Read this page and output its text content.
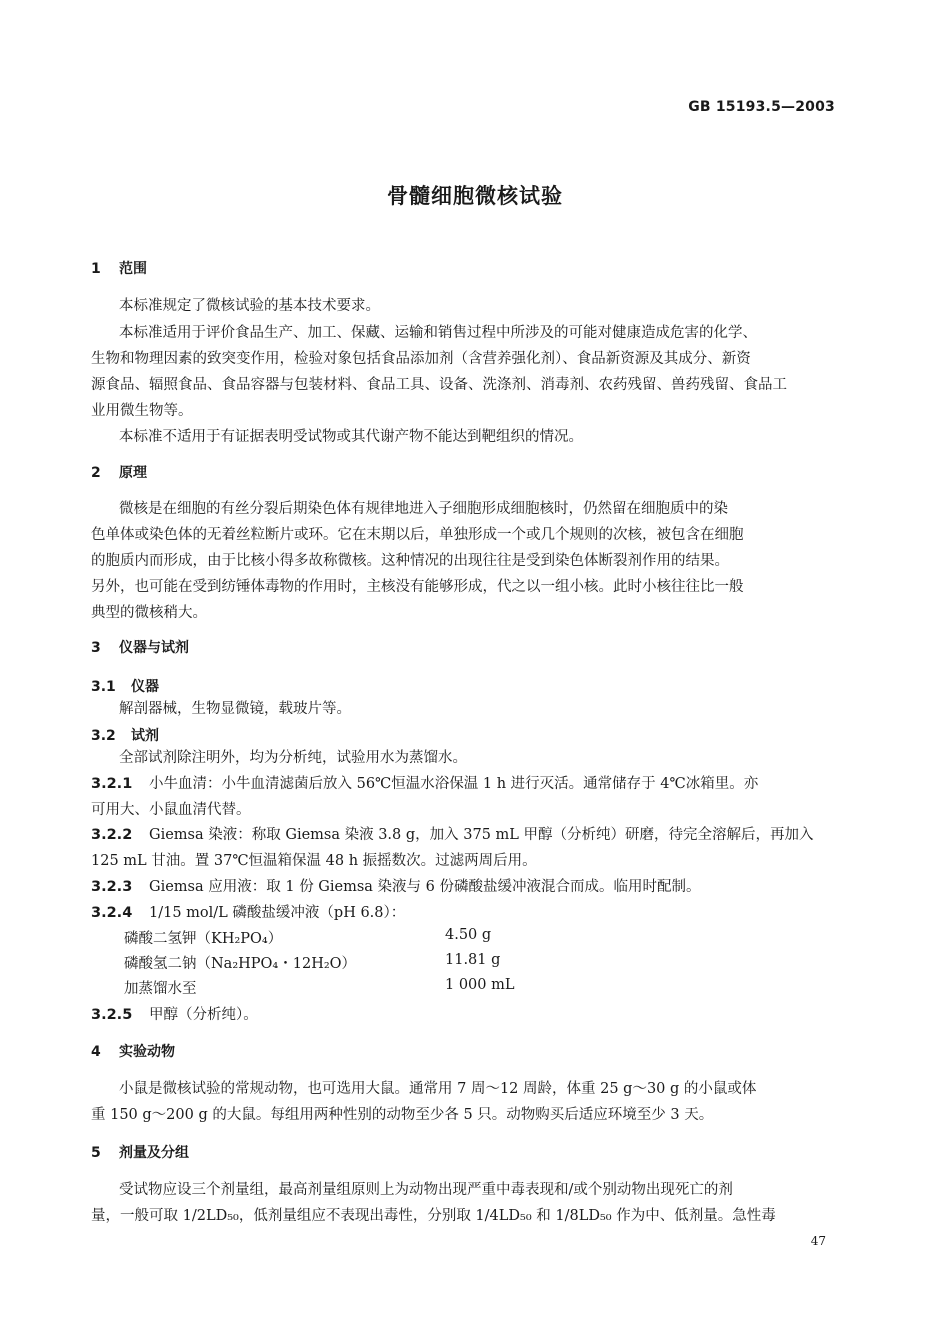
GB 15193.5—2003
骨髓细胞微核试验
1 范围
本标准规定了微核试验的基本技术要求。
本标准适用于评价食品生产、加工、保藏、运输和销售过程中所涉及的可能对健康造成危害的化学、
生物和物理因素的致突变作用，检验对象包括食品添加剂（含营养强化剂）、食品新资源及其成分、新资
源食品、辐照食品、食品容器与包装材料、食品工具、设备、洗涤剂、消毒剂、农药残留、兽药残留、食品工
业用微生物等。
本标准不适用于有证据表明受试物或其代谢产物不能达到靶组织的情况。
2 原理
微核是在细胞的有丝分裂后期染色体有规律地进入子细胞形成细胞核时，仍然留在细胞质中的染
色单体或染色体的无着丝粒断片或环。它在末期以后，单独形成一个或几个规则的次核，被包含在细胞
的胞质内而形成，由于比核小得多故称微核。这种情况的出现往往是受到染色体断裂剂作用的结果。
另外，也可能在受到纺锤体毒物的作用时，主核没有能够形成，代之以一组小核。此时小核往往比一般
典型的微核稍大。
3 仪器与试剂
3.1 仪器
解剖器械，生物显微镜，载玻片等。
3.2 试剂
全部试剂除注明外，均为分析纯，试验用水为蒸馏水。
3.2.1 小牛血清：小牛血清滤菌后放入 56℃恒温水浴保温 1 h 进行灭活。通常储存于 4℃冰箱里。亦
可用大、小鼠血清代替。
3.2.2 Giemsa 染液：称取 Giemsa 染液 3.8 g，加入 375 mL 甲醇（分析纯）研磨，待完全溶解后，再加入
125 mL 甘油。置 37℃恒温箱保温 48 h 振摇数次。过滤两周后用。
3.2.3 Giemsa 应用液：取 1 份 Giemsa 染液与 6 份磷酸盐缓冲液混合而成。临用时配制。
3.2.4 1/15 mol/L 磷酸盐缓冲液（pH 6.8）：
磷酸二氢钾（KH₂PO₄）	4.50 g
磷酸氢二钠（Na₂HPO₄・12H₂O）	11.81 g
加蒸馏水至	1 000 mL
3.2.5 甲醇（分析纯）。
4 实验动物
小鼠是微核试验的常规动物，也可选用大鼠。通常用 7 周～12 周龄，体重 25 g～30 g 的小鼠或体
重 150 g～200 g 的大鼠。每组用两种性别的动物至少各 5 只。动物购买后适应环境至少 3 天。
5 剂量及分组
受试物应设三个剂量组，最高剂量组原则上为动物出现严重中毒表现和/或个别动物出现死亡的剂
量，一般可取 1/2LD₅₀，低剂量组应不表现出毒性，分别取 1/4LD₅₀ 和 1/8LD₅₀ 作为中、低剂量。急性毒
47
